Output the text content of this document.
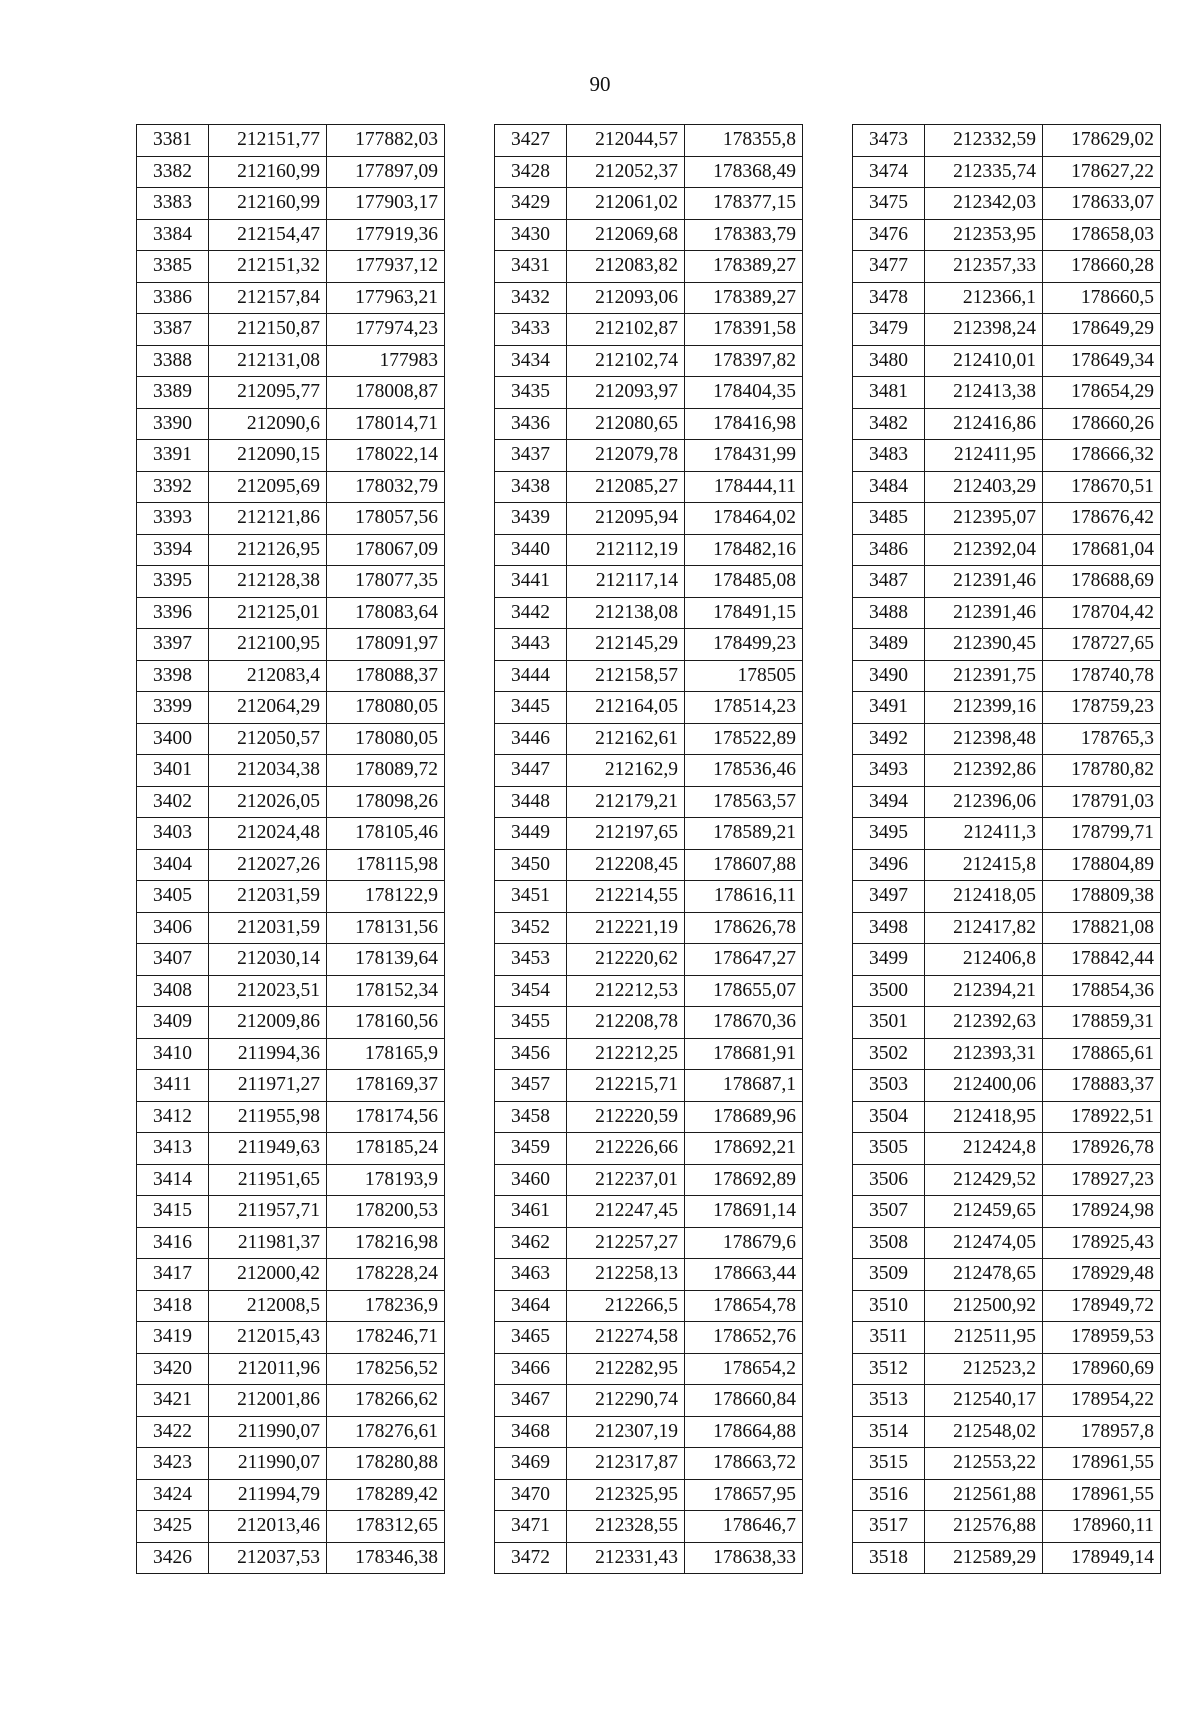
90
3381	212151,77	177882,03
3382	212160,99	177897,09
3383	212160,99	177903,17
3384	212154,47	177919,36
3385	212151,32	177937,12
3386	212157,84	177963,21
3387	212150,87	177974,23
3388	212131,08	177983
3389	212095,77	178008,87
3390	212090,6	178014,71
3391	212090,15	178022,14
3392	212095,69	178032,79
3393	212121,86	178057,56
3394	212126,95	178067,09
3395	212128,38	178077,35
3396	212125,01	178083,64
3397	212100,95	178091,97
3398	212083,4	178088,37
3399	212064,29	178080,05
3400	212050,57	178080,05
3401	212034,38	178089,72
3402	212026,05	178098,26
3403	212024,48	178105,46
3404	212027,26	178115,98
3405	212031,59	178122,9
3406	212031,59	178131,56
3407	212030,14	178139,64
3408	212023,51	178152,34
3409	212009,86	178160,56
3410	211994,36	178165,9
3411	211971,27	178169,37
3412	211955,98	178174,56
3413	211949,63	178185,24
3414	211951,65	178193,9
3415	211957,71	178200,53
3416	211981,37	178216,98
3417	212000,42	178228,24
3418	212008,5	178236,9
3419	212015,43	178246,71
3420	212011,96	178256,52
3421	212001,86	178266,62
3422	211990,07	178276,61
3423	211990,07	178280,88
3424	211994,79	178289,42
3425	212013,46	178312,65
3426	212037,53	178346,38
3427	212044,57	178355,8
3428	212052,37	178368,49
3429	212061,02	178377,15
3430	212069,68	178383,79
3431	212083,82	178389,27
3432	212093,06	178389,27
3433	212102,87	178391,58
3434	212102,74	178397,82
3435	212093,97	178404,35
3436	212080,65	178416,98
3437	212079,78	178431,99
3438	212085,27	178444,11
3439	212095,94	178464,02
3440	212112,19	178482,16
3441	212117,14	178485,08
3442	212138,08	178491,15
3443	212145,29	178499,23
3444	212158,57	178505
3445	212164,05	178514,23
3446	212162,61	178522,89
3447	212162,9	178536,46
3448	212179,21	178563,57
3449	212197,65	178589,21
3450	212208,45	178607,88
3451	212214,55	178616,11
3452	212221,19	178626,78
3453	212220,62	178647,27
3454	212212,53	178655,07
3455	212208,78	178670,36
3456	212212,25	178681,91
3457	212215,71	178687,1
3458	212220,59	178689,96
3459	212226,66	178692,21
3460	212237,01	178692,89
3461	212247,45	178691,14
3462	212257,27	178679,6
3463	212258,13	178663,44
3464	212266,5	178654,78
3465	212274,58	178652,76
3466	212282,95	178654,2
3467	212290,74	178660,84
3468	212307,19	178664,88
3469	212317,87	178663,72
3470	212325,95	178657,95
3471	212328,55	178646,7
3472	212331,43	178638,33
3473	212332,59	178629,02
3474	212335,74	178627,22
3475	212342,03	178633,07
3476	212353,95	178658,03
3477	212357,33	178660,28
3478	212366,1	178660,5
3479	212398,24	178649,29
3480	212410,01	178649,34
3481	212413,38	178654,29
3482	212416,86	178660,26
3483	212411,95	178666,32
3484	212403,29	178670,51
3485	212395,07	178676,42
3486	212392,04	178681,04
3487	212391,46	178688,69
3488	212391,46	178704,42
3489	212390,45	178727,65
3490	212391,75	178740,78
3491	212399,16	178759,23
3492	212398,48	178765,3
3493	212392,86	178780,82
3494	212396,06	178791,03
3495	212411,3	178799,71
3496	212415,8	178804,89
3497	212418,05	178809,38
3498	212417,82	178821,08
3499	212406,8	178842,44
3500	212394,21	178854,36
3501	212392,63	178859,31
3502	212393,31	178865,61
3503	212400,06	178883,37
3504	212418,95	178922,51
3505	212424,8	178926,78
3506	212429,52	178927,23
3507	212459,65	178924,98
3508	212474,05	178925,43
3509	212478,65	178929,48
3510	212500,92	178949,72
3511	212511,95	178959,53
3512	212523,2	178960,69
3513	212540,17	178954,22
3514	212548,02	178957,8
3515	212553,22	178961,55
3516	212561,88	178961,55
3517	212576,88	178960,11
3518	212589,29	178949,14
